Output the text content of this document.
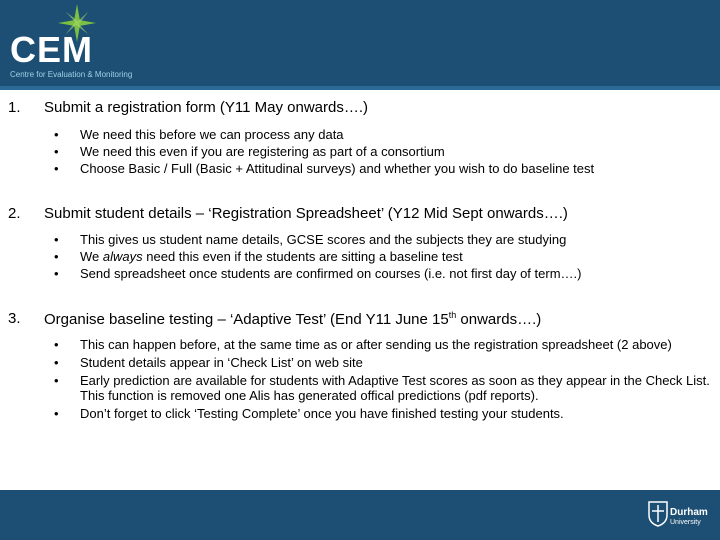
CEM
Centre for Evaluation & Monitoring
1. Submit a registration form (Y11 May onwards….)
• We need this before we can process any data
• We need this even if you are registering as part of a consortium
• Choose Basic / Full (Basic + Attitudinal surveys) and whether you wish to do baseline test
2. Submit student details – ‘Registration Spreadsheet’ (Y12 Mid Sept onwards….)
• This gives us student name details, GCSE scores and the subjects they are studying
• We always need this even if the students are sitting a baseline test
• Send spreadsheet once students are confirmed on courses (i.e. not first day of term….)
3. Organise baseline testing – ‘Adaptive Test’ (End Y11 June 15th onwards….)
• This can happen before, at the same time as or after sending us the registration spreadsheet (2 above)
• Student details appear in ‘Check List’ on web site
• Early prediction are available for students with Adaptive Test scores as soon as they appear in the Check List. This function is removed one Alis has generated offical predictions (pdf reports).
• Don’t forget to click ‘Testing Complete’ once you have finished testing your students.
Durham
University
